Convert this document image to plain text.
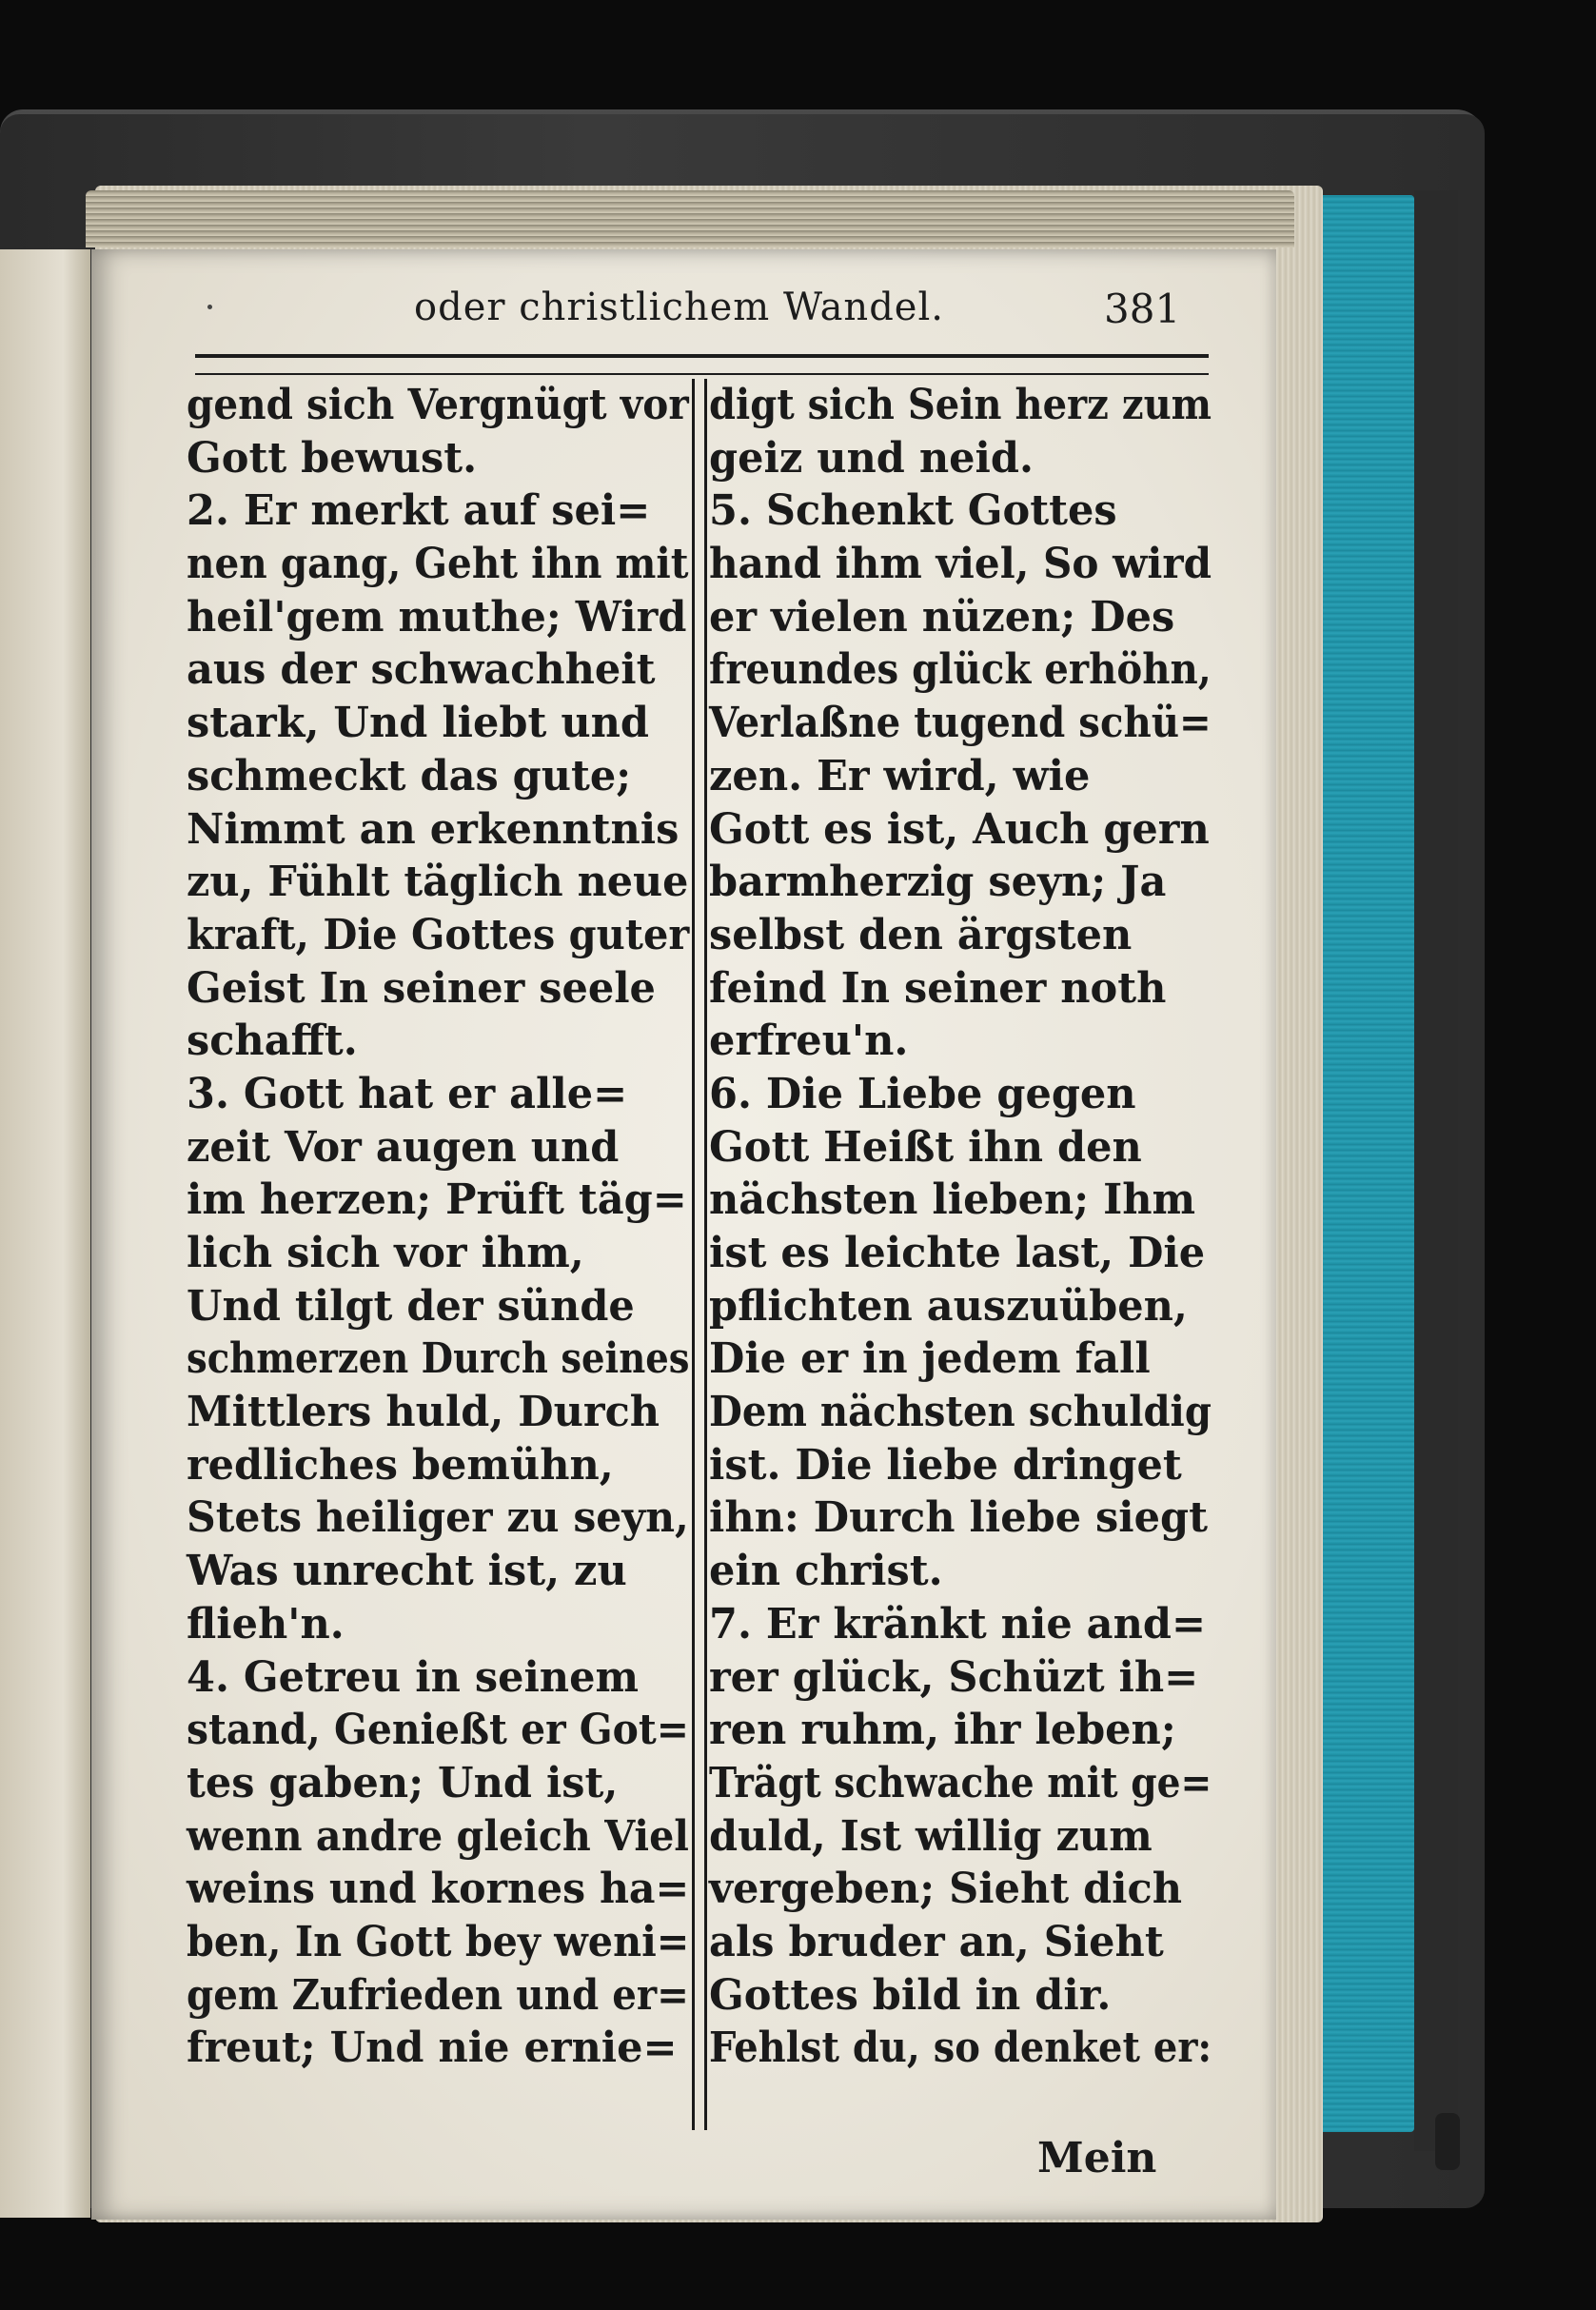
oder christlichem Wandel.	381
gend sich Vergnügt vor
Gott bewust.
2. Er merkt auf sei=
nen gang, Geht ihn mit
heil'gem muthe; Wird
aus der schwachheit
stark, Und liebt und
schmeckt das gute;
Nimmt an erkenntnis
zu, Fühlt täglich neue
kraft, Die Gottes guter
Geist In seiner seele
schafft.
3. Gott hat er alle=
zeit Vor augen und
im herzen; Prüft täg=
lich sich vor ihm,
Und tilgt der sünde
schmerzen Durch seines
Mittlers huld, Durch
redliches bemühn,
Stets heiliger zu seyn,
Was unrecht ist, zu
flieh'n.
4. Getreu in seinem
stand, Genießt er Got=
tes gaben; Und ist,
wenn andre gleich Viel
weins und kornes ha=
ben, In Gott bey weni=
gem Zufrieden und er=
freut; Und nie ernie=
digt sich Sein herz zum
geiz und neid.
5. Schenkt Gottes
hand ihm viel, So wird
er vielen nüzen; Des
freundes glück erhöhn,
Verlaßne tugend schü=
zen. Er wird, wie
Gott es ist, Auch gern
barmherzig seyn; Ja
selbst den ärgsten
feind In seiner noth
erfreu'n.
6. Die Liebe gegen
Gott Heißt ihn den
nächsten lieben; Ihm
ist es leichte last, Die
pflichten auszuüben,
Die er in jedem fall
Dem nächsten schuldig
ist. Die liebe dringet
ihn: Durch liebe siegt
ein christ.
7. Er kränkt nie and=
rer glück, Schüzt ih=
ren ruhm, ihr leben;
Trägt schwache mit ge=
duld, Ist willig zum
vergeben; Sieht dich
als bruder an, Sieht
Gottes bild in dir.
Fehlst du, so denket er:
Mein
